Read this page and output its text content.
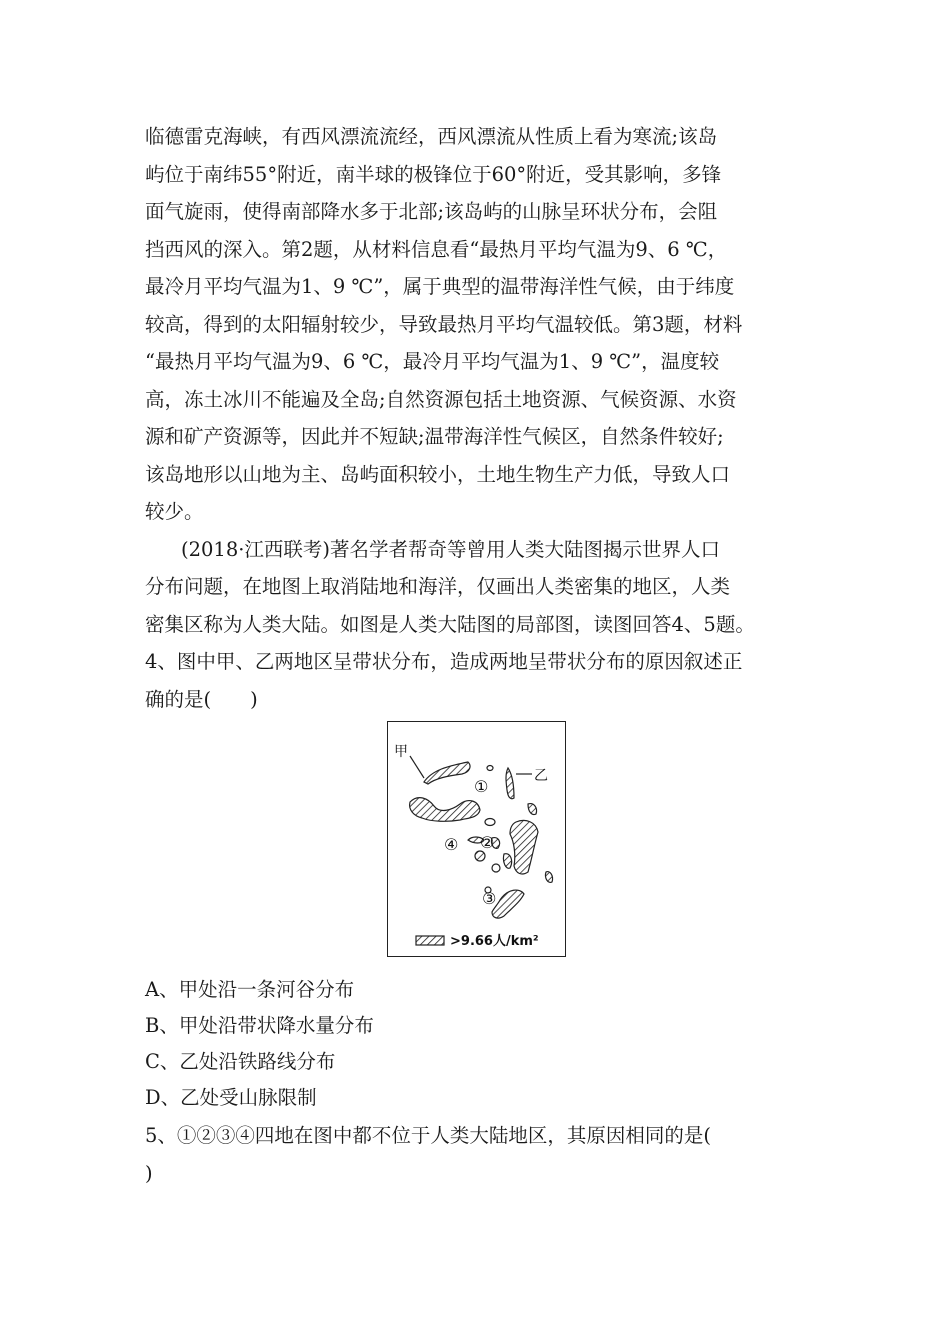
临德雷克海峡，有西风漂流流经，西风漂流从性质上看为寒流;该岛
屿位于南纬55°附近，南半球的极锋位于60°附近，受其影响，多锋
面气旋雨，使得南部降水多于北部;该岛屿的山脉呈环状分布，会阻
挡西风的深入。第2题，从材料信息看“最热月平均气温为9、6 ℃，
最冷月平均气温为1、9 ℃”，属于典型的温带海洋性气候，由于纬度
较高，得到的太阳辐射较少，导致最热月平均气温较低。第3题，材料
“最热月平均气温为9、6 ℃，最冷月平均气温为1、9 ℃”，温度较
高，冻土冰川不能遍及全岛;自然资源包括土地资源、气候资源、水资
源和矿产资源等，因此并不短缺;温带海洋性气候区，自然条件较好;
该岛地形以山地为主、岛屿面积较小，土地生物生产力低，导致人口
较少。
(2018·江西联考)著名学者帮奇等曾用人类大陆图揭示世界人口
分布问题，在地图上取消陆地和海洋，仅画出人类密集的地区，人类
密集区称为人类大陆。如图是人类大陆图的局部图，读图回答4、5题。
4、图中甲、乙两地区呈带状分布，造成两地呈带状分布的原因叙述正
确的是(　　)
甲
乙
①
②
④
③
>9.66人/km²
A、甲处沿一条河谷分布
B、甲处沿带状降水量分布
C、乙处沿铁路线分布
D、乙处受山脉限制
5、①②③④四地在图中都不位于人类大陆地区，其原因相同的是(
)
